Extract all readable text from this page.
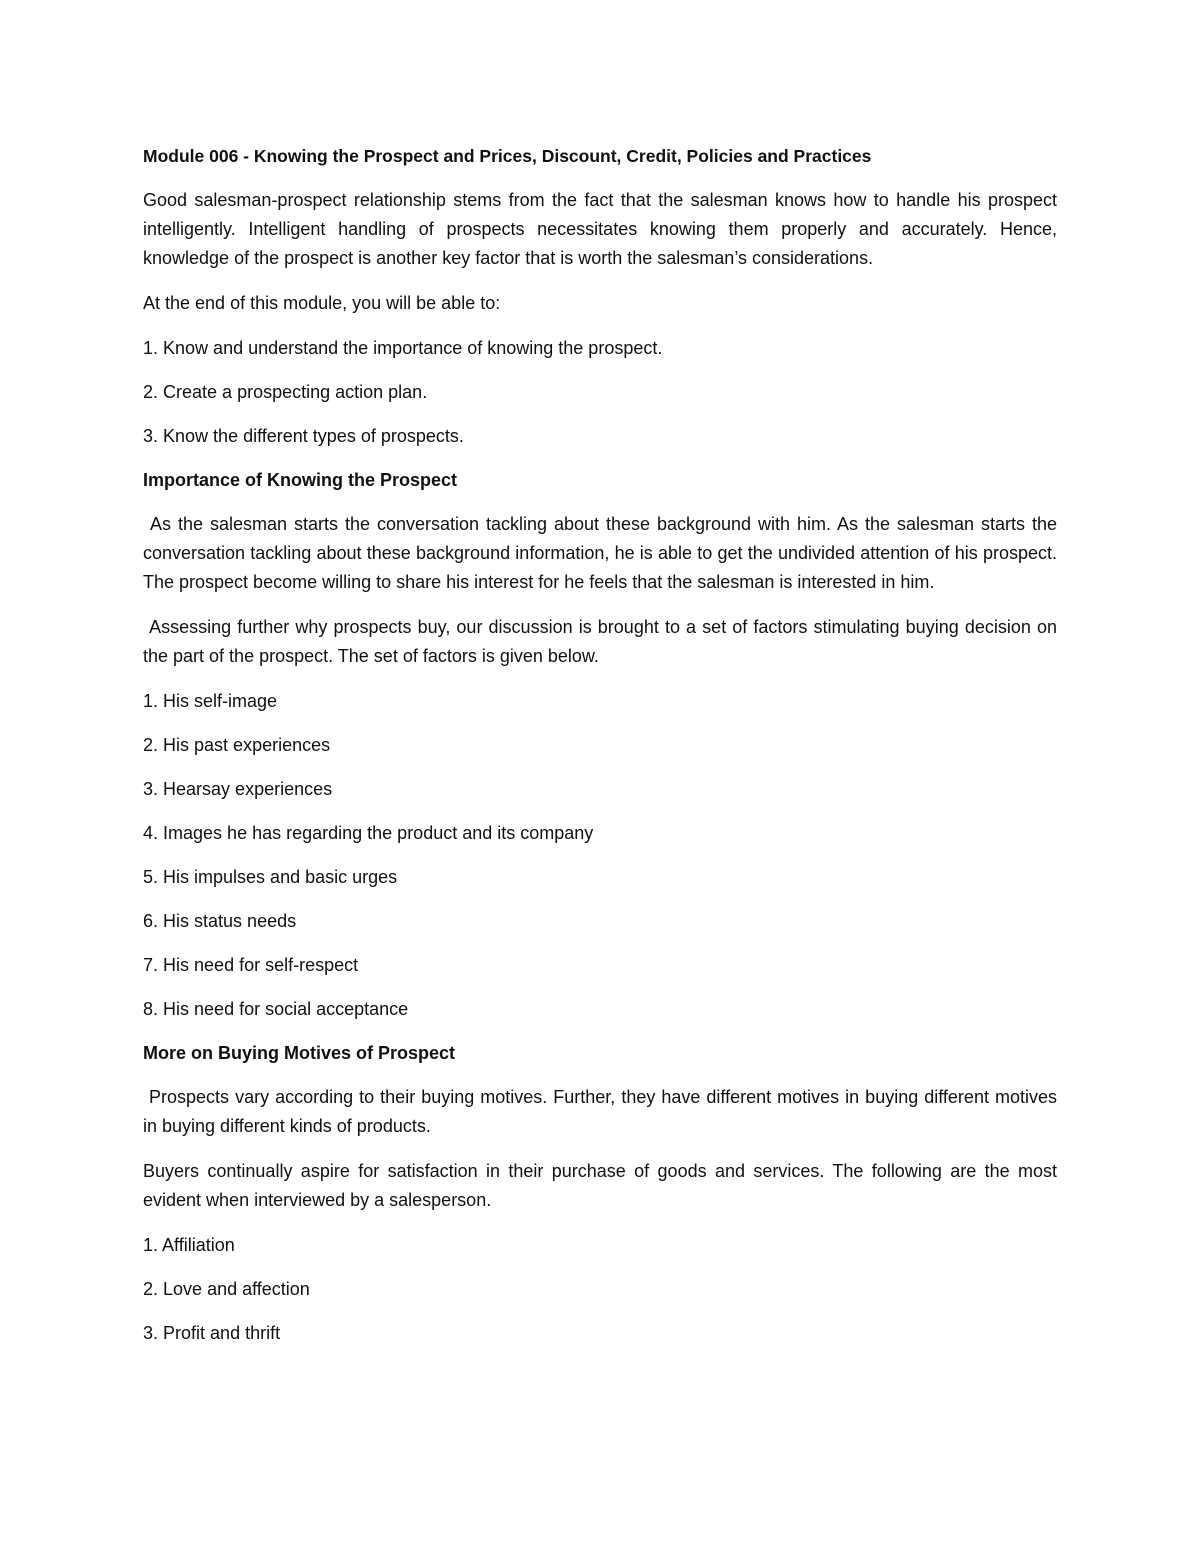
Module 006 - Knowing the Prospect and Prices, Discount, Credit, Policies and Practices

Good salesman-prospect relationship stems from the fact that the salesman knows how to handle his prospect intelligently. Intelligent handling of prospects necessitates knowing them properly and accurately. Hence, knowledge of the prospect is another key factor that is worth the salesman’s considerations.

At the end of this module, you will be able to:

1. Know and understand the importance of knowing the prospect.
2. Create a prospecting action plan.
3. Know the different types of prospects.
Importance of Knowing the Prospect

As the salesman starts the conversation tackling about these background with him. As the salesman starts the conversation tackling about these background information, he is able to get the undivided attention of his prospect. The prospect become willing to share his interest for he feels that the salesman is interested in him.

Assessing further why prospects buy, our discussion is brought to a set of factors stimulating buying decision on the part of the prospect. The set of factors is given below.

1. His self-image
2. His past experiences
3. Hearsay experiences
4. Images he has regarding the product and its company
5. His impulses and basic urges
6. His status needs
7. His need for self-respect
8. His need for social acceptance
More on Buying Motives of Prospect

Prospects vary according to their buying motives. Further, they have different motives in buying different motives in buying different kinds of products.

Buyers continually aspire for satisfaction in their purchase of goods and services. The following are the most evident when interviewed by a salesperson.

1. Affiliation
2. Love and affection
3. Profit and thrift
